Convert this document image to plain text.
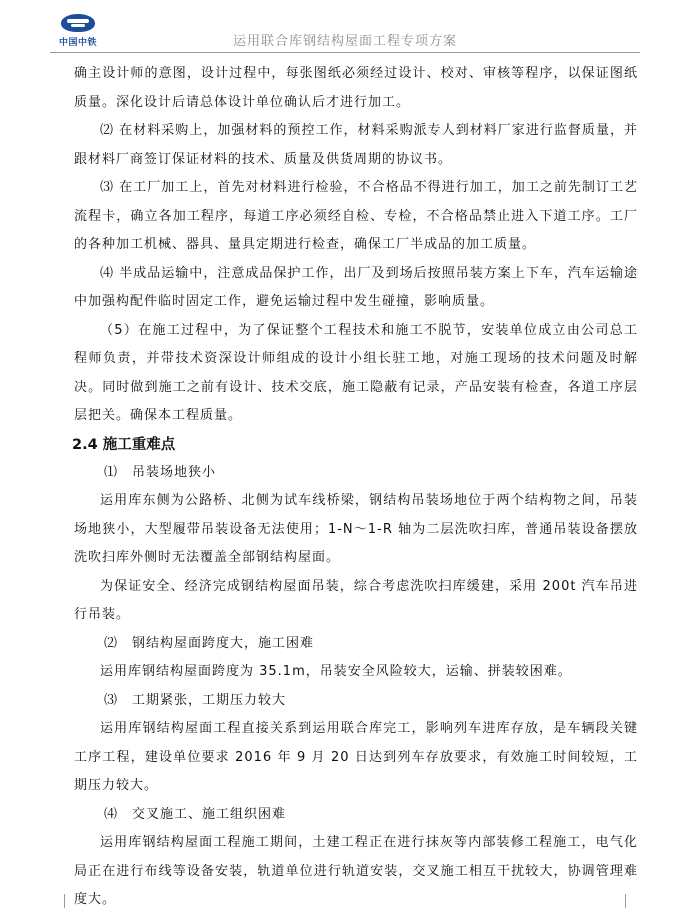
中国中铁	运用联合库钢结构屋面工程专项方案

确主设计师的意图，设计过程中，每张图纸必须经过设计、校对、审核等程序，以保证图纸质量。深化设计后请总体设计单位确认后才进行加工。

⑵ 在材料采购上，加强材料的预控工作，材料采购派专人到材料厂家进行监督质量，并跟材料厂商签订保证材料的技术、质量及供货周期的协议书。

⑶ 在工厂加工上，首先对材料进行检验，不合格品不得进行加工，加工之前先制订工艺流程卡，确立各加工程序，每道工序必须经自检、专检，不合格品禁止进入下道工序。工厂的各种加工机械、器具、量具定期进行检查，确保工厂半成品的加工质量。

⑷ 半成品运输中，注意成品保护工作，出厂及到场后按照吊装方案上下车，汽车运输途中加强构配件临时固定工作，避免运输过程中发生碰撞，影响质量。

（5）在施工过程中，为了保证整个工程技术和施工不脱节，安装单位成立由公司总工程师负责，并带技术资深设计师组成的设计小组长驻工地，对施工现场的技术问题及时解决。同时做到施工之前有设计、技术交底，施工隐蔽有记录，产品安装有检查，各道工序层层把关。确保本工程质量。

2.4 施工重难点

⑴ 吊装场地狭小

运用库东侧为公路桥、北侧为试车线桥梁，钢结构吊装场地位于两个结构物之间，吊装场地狭小，大型履带吊装设备无法使用；1-N～1-R 轴为二层洗吹扫库，普通吊装设备摆放洗吹扫库外侧时无法覆盖全部钢结构屋面。

为保证安全、经济完成钢结构屋面吊装，综合考虑洗吹扫库缓建，采用 200t 汽车吊进行吊装。

⑵ 钢结构屋面跨度大，施工困难

运用库钢结构屋面跨度为 35.1m，吊装安全风险较大，运输、拼装较困难。

⑶ 工期紧张，工期压力较大

运用库钢结构屋面工程直接关系到运用联合库完工，影响列车进库存放，是车辆段关键工序工程，建设单位要求 2016 年 9 月 20 日达到列车存放要求，有效施工时间较短，工期压力较大。

⑷ 交叉施工、施工组织困难

运用库钢结构屋面工程施工期间，土建工程正在进行抹灰等内部装修工程施工，电气化局正在进行布线等设备安装，轨道单位进行轨道安装，交叉施工相互干扰较大，协调管理难度大。
